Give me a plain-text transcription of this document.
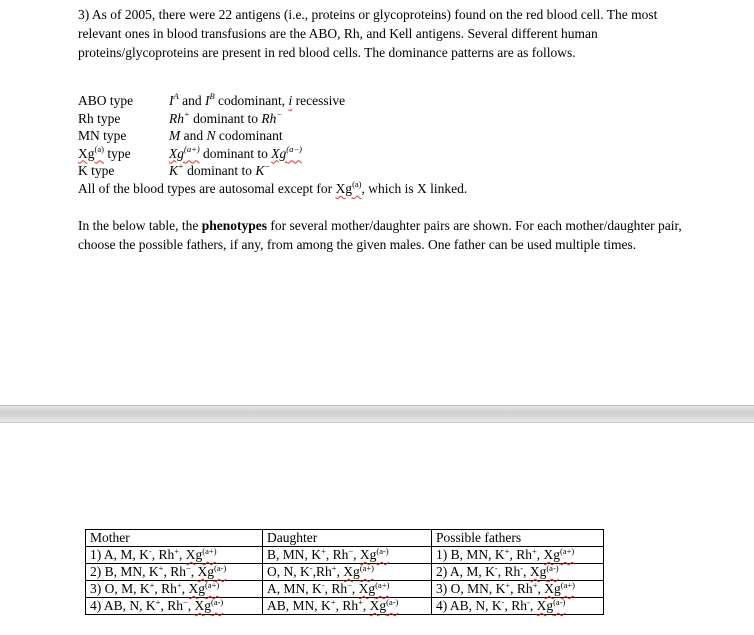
3) As of 2005, there were 22 antigens (i.e., proteins or glycoproteins) found on the red blood cell. The most relevant ones in blood transfusions are the ABO, Rh, and Kell antigens. Several different human proteins/glycoproteins are present in red blood cells. The dominance patterns are as follows.

ABO type	$I^A$ and $I^B$ codominant, i recessive
Rh type	Rh+ dominant to Rh−
MN type	M and N codominant
Xg$^{(a)}$ type	$Xg^{(a+)}$ dominant to $Xg^{(a-)}$
K type	K+ dominant to K−
All of the blood types are autosomal except for Xg$^{(a)}$, which is X linked.

In the below table, the phenotypes for several mother/daughter pairs are shown. For each mother/daughter pair, choose the possible fathers, if any, from among the given males. One father can be used multiple times.

Mother	Daughter	Possible fathers
1) A, M, K-, Rh+, $Xg^{(a+)}$	B, MN, K+, Rh−, $Xg^{(a-)}$	1) B, MN, K+, Rh+, $Xg^{(a+)}$
2) B, MN, K+, Rh−, $Xg^{(a-)}$	O, N, K-,Rh+, $Xg^{(a+)}$	2) A, M, K-, Rh-, $Xg^{(a-)}$
3) O, M, K+, Rh+, $Xg^{(a+)}$	A, MN, K-, Rh−, $Xg^{(a+)}$	3) O, MN, K+, Rh+, $Xg^{(a+)}$
4) AB, N, K+, Rh−, $Xg^{(a-)}$	AB, MN, K+, Rh+, $Xg^{(a-)}$	4) AB, N, K-, Rh-, $Xg^{(a-)}$
